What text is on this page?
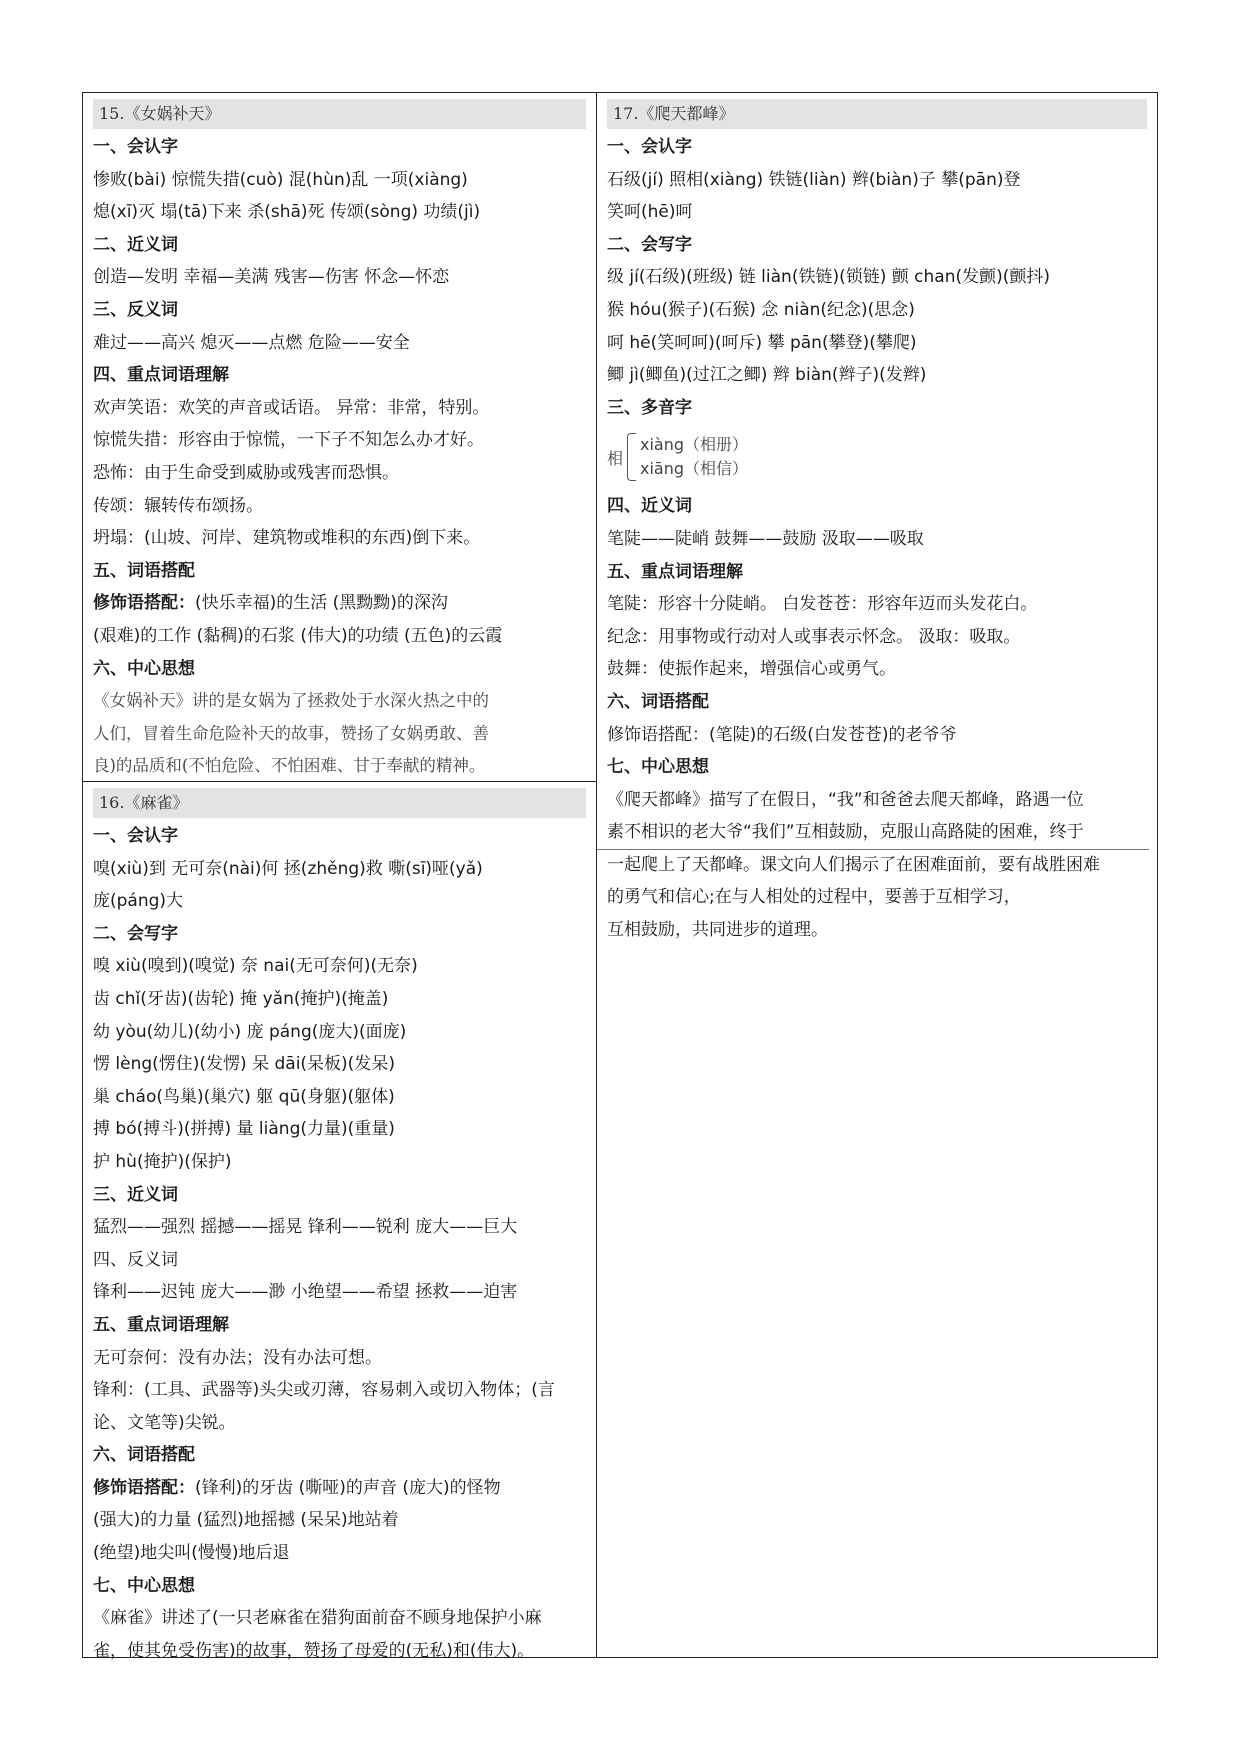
15.《女娲补天》
一、会认字
惨败(bài) 惊慌失措(cuò) 混(hùn)乱 一项(xiàng)
熄(xī)灭 塌(tā)下来 杀(shā)死 传颂(sòng) 功绩(jì)
二、近义词
创造—发明 幸福—美满 残害—伤害 怀念—怀恋
三、反义词
难过——高兴 熄灭——点燃 危险——安全
四、重点词语理解
欢声笑语：欢笑的声音或话语。 异常：非常，特别。
惊慌失措：形容由于惊慌，一下子不知怎么办才好。
恐怖：由于生命受到威胁或残害而恐惧。
传颂：辗转传布颂扬。
坍塌：(山坡、河岸、建筑物或堆积的东西)倒下来。
五、词语搭配
修饰语搭配：(快乐幸福)的生活 (黑黝黝)的深沟
(艰难)的工作 (黏稠)的石浆 (伟大)的功绩 (五色)的云霞
六、中心思想
《女娲补天》讲的是女娲为了拯救处于水深火热之中的
人们，冒着生命危险补天的故事，赞扬了女娲勇敢、善
良)的品质和(不怕危险、不怕困难、甘于奉献的精神。
16.《麻雀》
一、会认字
嗅(xiù)到 无可奈(nài)何 拯(zhěng)救 嘶(sī)哑(yǎ)
庞(páng)大
二、会写字
嗅 xiù(嗅到)(嗅觉) 奈 nai(无可奈何)(无奈)
齿 chǐ(牙齿)(齿轮) 掩 yǎn(掩护)(掩盖)
幼 yòu(幼儿)(幼小) 庞 páng(庞大)(面庞)
愣 lèng(愣住)(发愣) 呆 dāi(呆板)(发呆)
巢 cháo(鸟巢)(巢穴) 躯 qū(身躯)(躯体)
搏 bó(搏斗)(拼搏) 量 liàng(力量)(重量)
护 hù(掩护)(保护)
三、近义词
猛烈——强烈 摇撼——摇晃 锋利——锐利 庞大——巨大
四、反义词
锋利——迟钝 庞大——渺 小绝望——希望 拯救——迫害
五、重点词语理解
无可奈何：没有办法；没有办法可想。
锋利：(工具、武器等)头尖或刃薄，容易刺入或切入物体；(言
论、文笔等)尖锐。
六、词语搭配
修饰语搭配：(锋利)的牙齿 (嘶哑)的声音 (庞大)的怪物
(强大)的力量 (猛烈)地摇撼 (呆呆)地站着
(绝望)地尖叫(慢慢)地后退
七、中心思想
《麻雀》讲述了(一只老麻雀在猎狗面前奋不顾身地保护小麻
雀，使其免受伤害)的故事，赞扬了母爱的(无私)和(伟大)。
17.《爬天都峰》
一、会认字
石级(jí) 照相(xiàng) 铁链(liàn) 辫(biàn)子 攀(pān)登
笑呵(hē)呵
二、会写字
级 jí(石级)(班级) 链 liàn(铁链)(锁链) 颤 chan(发颤)(颤抖)
猴 hóu(猴子)(石猴) 念 niàn(纪念)(思念)
呵 hē(笑呵呵)(呵斥) 攀 pān(攀登)(攀爬)
鲫 jì(鲫鱼)(过江之鲫) 辫 biàn(辫子)(发辫)
三、多音字
相
xiàng（相册）
xiāng（相信）
四、近义词
笔陡——陡峭 鼓舞——鼓励 汲取——吸取
五、重点词语理解
笔陡：形容十分陡峭。 白发苍苍：形容年迈而头发花白。
纪念：用事物或行动对人或事表示怀念。 汲取：吸取。
鼓舞：使振作起来，增强信心或勇气。
六、词语搭配
修饰语搭配：(笔陡)的石级(白发苍苍)的老爷爷
七、中心思想
《爬天都峰》描写了在假日，“我”和爸爸去爬天都峰，路遇一位
素不相识的老大爷“我们”互相鼓励，克服山高路陡的困难，终于
一起爬上了天都峰。课文向人们揭示了在困难面前，要有战胜困难
的勇气和信心;在与人相处的过程中，要善于互相学习，
互相鼓励，共同进步的道理。
